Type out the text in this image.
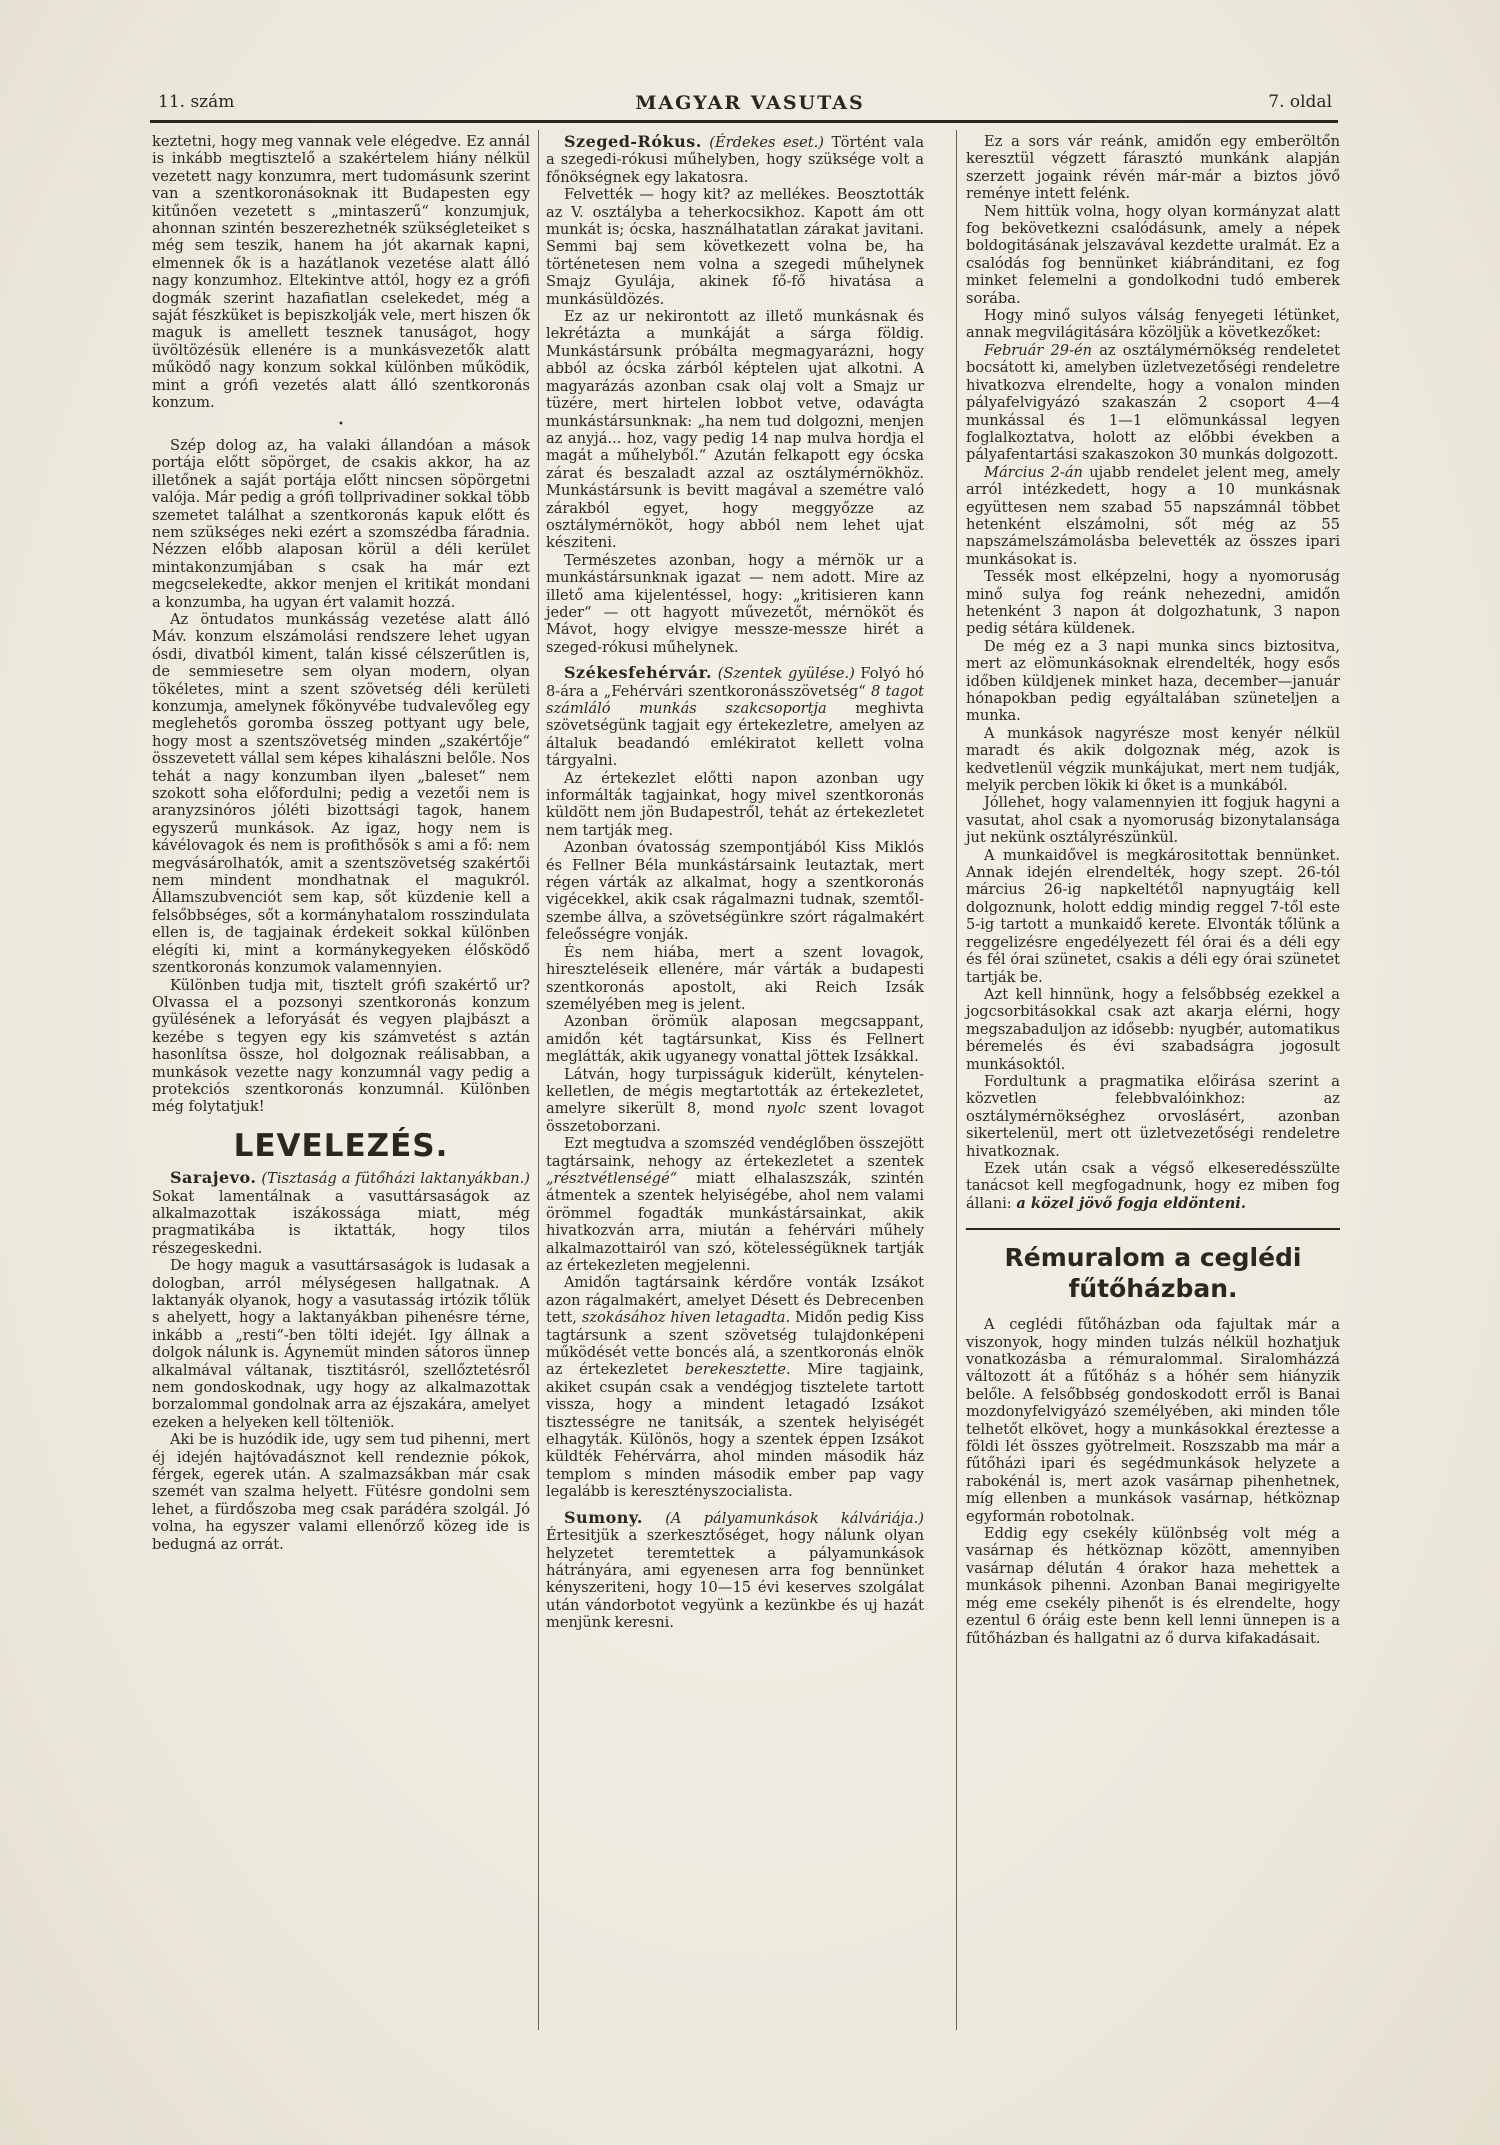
11. szám	MAGYAR VASUTAS	7. oldal

keztetni, hogy meg vannak vele elégedve. Ez annál is inkább megtisztelő a szakértelem hiány nélkül vezetett nagy konzumra, mert tudomásunk szerint van a szentkoronásoknak itt Budapesten egy kitűnően vezetett s „mintaszerű“ konzumjuk, ahonnan szintén beszerezhetnék szükségleteiket s még sem teszik, hanem ha jót akarnak kapni, elmennek ők is a hazátlanok vezetése alatt álló nagy konzumhoz. Eltekintve attól, hogy ez a grófi dogmák szerint hazafiatlan cselekedet, még a saját fészküket is bepiszkolják vele, mert hiszen ők maguk is amellett tesznek tanuságot, hogy üvöltözésük ellenére is a munkásvezetők alatt működő nagy konzum sokkal különben működik, mint a grófi vezetés alatt álló szentkoronás konzum.

•

Szép dolog az, ha valaki állandóan a mások portája előtt söpörget, de csakis akkor, ha az illetőnek a saját portája előtt nincsen söpörgetni valója. Már pedig a grófi tollprivadiner sokkal több szemetet találhat a szentkoronás kapuk előtt és nem szükséges neki ezért a szomszédba fáradnia. Nézzen előbb alaposan körül a déli kerület mintakonzumjában s csak ha már ezt megcselekedte, akkor menjen el kritikát mondani a konzumba, ha ugyan ért valamit hozzá.

Az öntudatos munkásság vezetése alatt álló Máv. konzum elszámolási rendszere lehet ugyan ósdi, divatból kiment, talán kissé célszerűtlen is, de semmiesetre sem olyan modern, olyan tökéletes, mint a szent szövetség déli kerületi konzumja, amelynek főkönyvébe tudvalevőleg egy meglehetős goromba összeg pottyant ugy bele, hogy most a szentszövetség minden „szakértője“ összevetett vállal sem képes kihalászni belőle. Nos tehát a nagy konzumban ilyen „baleset“ nem szokott soha előfordulni; pedig a vezetői nem is aranyzsinóros jóléti bizottsági tagok, hanem egyszerű munkások. Az igaz, hogy nem is kávélovagok és nem is profithősök s ami a fő: nem megvásárolhatók, amit a szentszövetség szakértői nem mindent mondhatnak el magukról. Államszubvenciót sem kap, sőt küzdenie kell a felsőbbséges, sőt a kormányhatalom rosszindulata ellen is, de tagjainak érdekeit sokkal különben elégíti ki, mint a kormánykegyeken élősködő szentkoronás konzumok valamennyien.

Különben tudja mit, tisztelt grófi szakértő ur? Olvassa el a pozsonyi szentkoronás konzum gyülésének a leforyását és vegyen plajbászt a kezébe s tegyen egy kis számvetést s aztán hasonlítsa össze, hol dolgoznak reálisabban, a munkások vezette nagy konzumnál vagy pedig a protekciós szentkoronás konzumnál. Különben még folytatjuk!

LEVELEZÉS.

Sarajevo. (Tisztaság a fütőházi laktanyákban.) Sokat lamentálnak a vasuttársaságok az alkalmazottak iszákossága miatt, még pragmatikába is iktatták, hogy tilos részegeskedni.

De hogy maguk a vasuttársaságok is ludasak a dologban, arról mélységesen hallgatnak. A laktanyák olyanok, hogy a vasutasság irtózik tőlük s ahelyett, hogy a laktanyákban pihenésre térne, inkább a „resti“-ben tölti idejét. Igy állnak a dolgok nálunk is. Ágynemüt minden sátoros ünnep alkalmával váltanak, tisztitásról, szellőztetésről nem gondoskodnak, ugy hogy az alkalmazottak borzalommal gondolnak arra az éjszakára, amelyet ezeken a helyeken kell tölteniök.

Aki be is huzódik ide, ugy sem tud pihenni, mert éj idején hajtóvadásznot kell rendeznie pókok, férgek, egerek után. A szalmazsákban már csak szemét van szalma helyett. Fütésre gondolni sem lehet, a fürdőszoba meg csak parádéra szolgál. Jó volna, ha egyszer valami ellenőrző közeg ide is bedugná az orrát.

Szeged-Rókus. (Érdekes eset.) Történt vala a szegedi-rókusi műhelyben, hogy szüksége volt a főnökségnek egy lakatosra.

Felvették — hogy kit? az mellékes. Beosztották az V. osztályba a teherkocsikhoz. Kapott ám ott munkát is; ócska, használhatatlan zárakat javitani. Semmi baj sem következett volna be, ha történetesen nem volna a szegedi műhelynek Smajz Gyulája, akinek fő-fő hivatása a munkásüldözés.

Ez az ur nekirontott az illető munkásnak és lekrétázta a munkáját a sárga földig. Munkástársunk próbálta megmagyarázni, hogy abból az ócska zárból képtelen ujat alkotni. A magyarázás azonban csak olaj volt a Smajz ur tüzére, mert hirtelen lobbot vetve, odavágta munkástársunknak: „ha nem tud dolgozni, menjen az anyjá... hoz, vagy pedig 14 nap mulva hordja el magát a műhelyből.“ Azután felkapott egy ócska zárat és beszaladt azzal az osztálymérnökhöz. Munkástársunk is bevitt magával a szemétre való zárakból egyet, hogy meggyőzze az osztálymérnököt, hogy abból nem lehet ujat késziteni.

Természetes azonban, hogy a mérnök ur a munkástársunknak igazat — nem adott. Mire az illető ama kijelentéssel, hogy: „kritisieren kann jeder“ — ott hagyott művezetőt, mérnököt és Mávot, hogy elvigye messze-messze hirét a szeged-rókusi műhelynek.

Székesfehérvár. (Szentek gyülése.) Folyó hó 8-ára a „Fehérvári szentkoronásszövetség“ 8 tagot számláló munkás szakcsoportja meghivta szövetségünk tagjait egy értekezletre, amelyen az általuk beadandó emlékiratot kellett volna tárgyalni.

Az értekezlet előtti napon azonban ugy informálták tagjainkat, hogy mivel szentkoronás küldött nem jön Budapestről, tehát az értekezletet nem tartják meg.

Azonban óvatosság szempontjából Kiss Miklós és Fellner Béla munkástársaink leutaztak, mert régen várták az alkalmat, hogy a szentkoronás vigécekkel, akik csak rágalmazni tudnak, szemtől-szembe állva, a szövetségünkre szórt rágalmakért feleősségre vonják.

És nem hiába, mert a szent lovagok, hireszteléseik ellenére, már várták a budapesti szentkoronás apostolt, aki Reich Izsák személyében meg is jelent.

Azonban örömük alaposan megcsappant, amidőn két tagtársunkat, Kiss és Fellnert meglátták, akik ugyanegy vonattal jöttek Izsákkal.

Látván, hogy turpisságuk kiderült, kénytelen-kelletlen, de mégis megtartották az értekezletet, amelyre sikerült 8, mond nyolc szent lovagot összetoborzani.

Ezt megtudva a szomszéd vendéglőben összejött tagtársaink, nehogy az értekezletet a szentek „résztvétlenségé“ miatt elhalaszszák, szintén átmentek a szentek helyiségébe, ahol nem valami örömmel fogadták munkástársainkat, akik hivatkozván arra, miután a fehérvári műhely alkalmazottairól van szó, kötelességüknek tartják az értekezleten megjelenni.

Amidőn tagtársaink kérdőre vonták Izsákot azon rágalmakért, amelyet Désett és Debrecenben tett, szokásához hiven letagadta. Midőn pedig Kiss tagtársunk a szent szövetség tulajdonképeni működését vette boncés alá, a szentkoronás elnök az értekezletet berekesztette. Mire tagjaink, akiket csupán csak a vendégjog tisztelete tartott vissza, hogy a mindent letagadó Izsákot tisztességre ne tanitsák, a szentek helyiségét elhagyták. Különös, hogy a szentek éppen Izsákot küldték Fehérvárra, ahol minden második ház templom s minden második ember pap vagy legalább is keresztényszocialista.

Sumony. (A pályamunkások kálváriája.) Értesitjük a szerkesztőséget, hogy nálunk olyan helyzetet teremtettek a pályamunkások hátrányára, ami egyenesen arra fog bennünket kényszeriteni, hogy 10—15 évi keserves szolgálat után vándorbotot vegyünk a kezünkbe és uj hazát menjünk keresni.

Ez a sors vár reánk, amidőn egy emberöltőn keresztül végzett fárasztó munkánk alapján szerzett jogaink révén már-már a biztos jövő reménye intett felénk.

Nem hittük volna, hogy olyan kormányzat alatt fog bekövetkezni csalódásunk, amely a népek boldogitásának jelszavával kezdette uralmát. Ez a csalódás fog bennünket kiábránditani, ez fog minket felemelni a gondolkodni tudó emberek sorába.

Hogy minő sulyos válság fenyegeti létünket, annak megvilágitására közöljük a következőket:

Február 29-én az osztálymérnökség rendeletet bocsátott ki, amelyben üzletvezetőségi rendeletre hivatkozva elrendelte, hogy a vonalon minden pályafelvigyázó szakaszán 2 csoport 4—4 munkással és 1—1 elömunkással legyen foglalkoztatva, holott az előbbi években a pályafentartási szakaszokon 30 munkás dolgozott.

Március 2-án ujabb rendelet jelent meg, amely arról intézkedett, hogy a 10 munkásnak együttesen nem szabad 55 napszámnál többet hetenként elszámolni, sőt még az 55 napszámelszámolásba belevették az összes ipari munkásokat is.

Tessék most elképzelni, hogy a nyomoruság minő sulya fog reánk nehezedni, amidőn hetenként 3 napon át dolgozhatunk, 3 napon pedig sétára küldenek.

De még ez a 3 napi munka sincs biztositva, mert az elömunkásoknak elrendelték, hogy esős időben küldjenek minket haza, december—január hónapokban pedig egyáltalában szüneteljen a munka.

A munkások nagyrésze most kenyér nélkül maradt és akik dolgoznak még, azok is kedvetlenül végzik munkájukat, mert nem tudják, melyik percben lökik ki őket is a munkából.

Jóllehet, hogy valamennyien itt fogjuk hagyni a vasutat, ahol csak a nyomoruság bizonytalansága jut nekünk osztályrészünkül.

A munkaidővel is megkárositottak bennünket. Annak idején elrendelték, hogy szept. 26-tól március 26-ig napkeltétől napnyugtáig kell dolgoznunk, holott eddig mindig reggel 7-től este 5-ig tartott a munkaidő kerete. Elvonták tőlünk a reggelizésre engedélyezett fél órai és a déli egy és fél órai szünetet, csakis a déli egy órai szünetet tartják be.

Azt kell hinnünk, hogy a felsőbbség ezekkel a jogcsorbitásokkal csak azt akarja elérni, hogy megszabaduljon az idősebb: nyugbér, automatikus béremelés és évi szabadságra jogosult munkásoktól.

Fordultunk a pragmatika előirása szerint a közvetlen felebbvalóinkhoz: az osztálymérnökséghez orvoslásért, azonban sikertelenül, mert ott üzletvezetőségi rendeletre hivatkoznak.

Ezek után csak a végső elkeseredésszülte tanácsot kell megfogadnunk, hogy ez miben fog állani: a közel jövő fogja eldönteni.

Rémuralom a ceglédi fűtőházban.

A ceglédi fűtőházban oda fajultak már a viszonyok, hogy minden tulzás nélkül hozhatjuk vonatkozásba a rémuralommal. Siralomházzá változott át a fűtőház s a hóhér sem hiányzik belőle. A felsőbbség gondoskodott erről is Banai mozdonyfelvigyázó személyében, aki minden tőle telhetőt elkövet, hogy a munkásokkal éreztesse a földi lét összes gyötrelmeit. Roszszabb ma már a fűtőházi ipari és segédmunkások helyzete a rabokénál is, mert azok vasárnap pihenhetnek, míg ellenben a munkások vasárnap, hétköznap egyformán robotolnak.

Eddig egy csekély különbség volt még a vasárnap és hétköznap között, amennyiben vasárnap délután 4 órakor haza mehettek a munkások pihenni. Azonban Banai megirigyelte még eme csekély pihenőt is és elrendelte, hogy ezentul 6 óráig este benn kell lenni ünnepen is a fűtőházban és hallgatni az ő durva kifakadásait.
